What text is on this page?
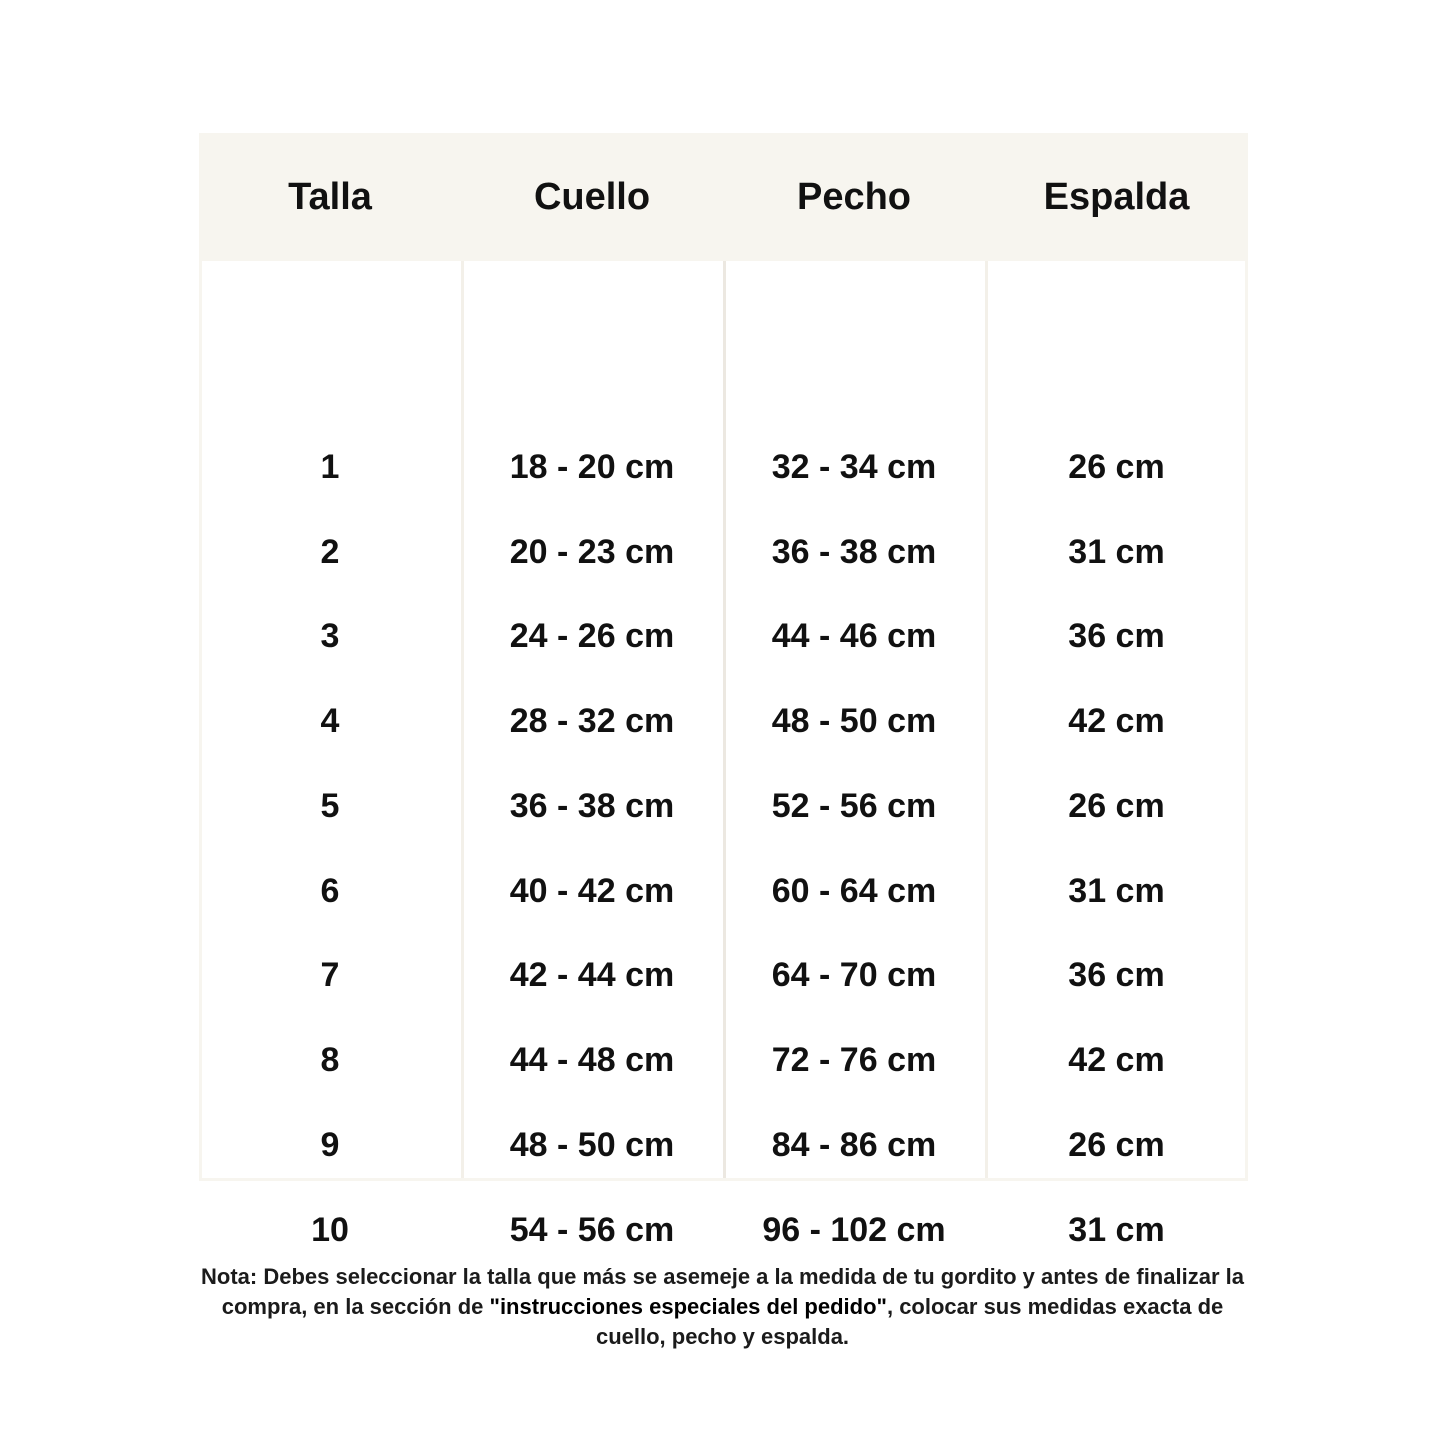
Talla	Cuello	Pecho	Espalda
1	18 - 20 cm	32 - 34 cm	26 cm
2	20 - 23 cm	36 - 38 cm	31 cm
3	24 - 26 cm	44 - 46 cm	36 cm
4	28 - 32 cm	48 - 50 cm	42 cm
5	36 - 38 cm	52 - 56 cm	26 cm
6	40 - 42 cm	60 - 64 cm	31 cm
7	42 - 44 cm	64 - 70 cm	36 cm
8	44 - 48 cm	72 - 76 cm	42 cm
9	48 - 50 cm	84 - 86 cm	26 cm
10	54 - 56 cm	96 - 102 cm	31 cm

Nota: Debes seleccionar la talla que más se asemeje a la medida de tu gordito y antes de finalizar la compra, en la sección de "instrucciones especiales del pedido", colocar sus medidas exacta de cuello, pecho y espalda.
